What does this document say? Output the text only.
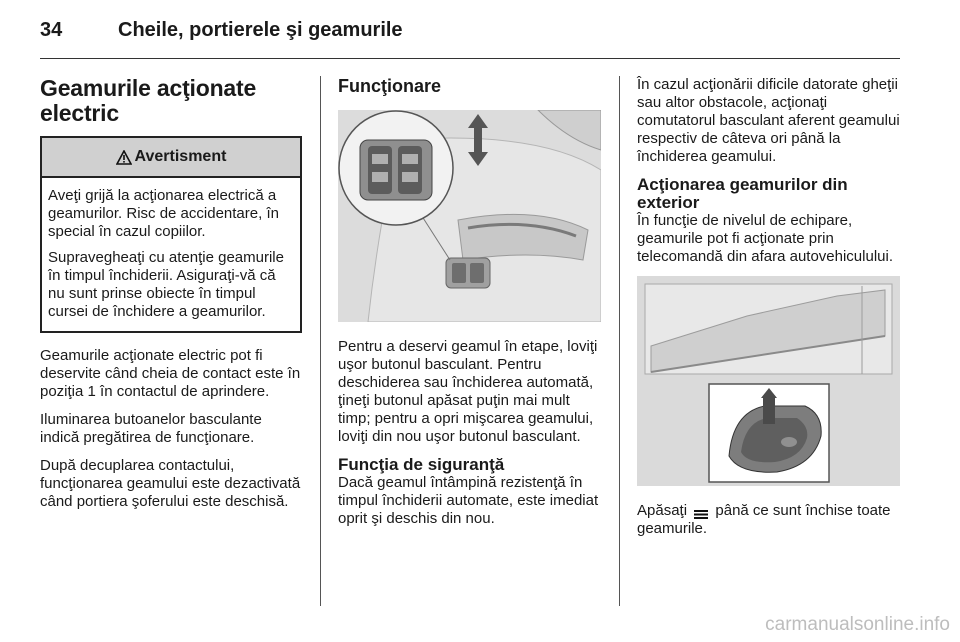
34	Cheile, portierele şi geamurile
Geamurile acţionate
electric
Avertisment

Aveţi grijă la acţionarea electrică a geamurilor. Risc de accidentare, în special în cazul copiilor.

Supravegheaţi cu atenţie geamurile în timpul închiderii. Asiguraţi-vă că nu sunt prinse obiecte în timpul cursei de închidere a geamurilor.

Geamurile acţionate electric pot fi deservite când cheia de contact este în poziţia 1 în contactul de aprindere.

Iluminarea butoanelor basculante indică pregătirea de funcţionare.

După decuplarea contactului, funcţionarea geamului este dezactivată când portiera şoferului este deschisă.

Funcţionare

Pentru a deservi geamul în etape, loviţi uşor butonul basculant. Pentru deschiderea sau închiderea automată, ţineţi butonul apăsat puţin mai mult timp; pentru a opri mişcarea geamului, loviţi din nou uşor butonul basculant.

Funcţia de siguranţă

Dacă geamul întâmpină rezistenţă în timpul închiderii automate, este imediat oprit şi deschis din nou.

În cazul acţionării dificile datorate gheţii sau altor obstacole, acţionaţi comutatorul basculant aferent geamului respectiv de câteva ori până la închiderea geamului.

Acţionarea geamurilor din exterior

În funcţie de nivelul de echipare, geamurile pot fi acţionate prin telecomandă din afara autovehiculului.

Apăsaţi până ce sunt închise toate geamurile.

carmanualsonline.info
